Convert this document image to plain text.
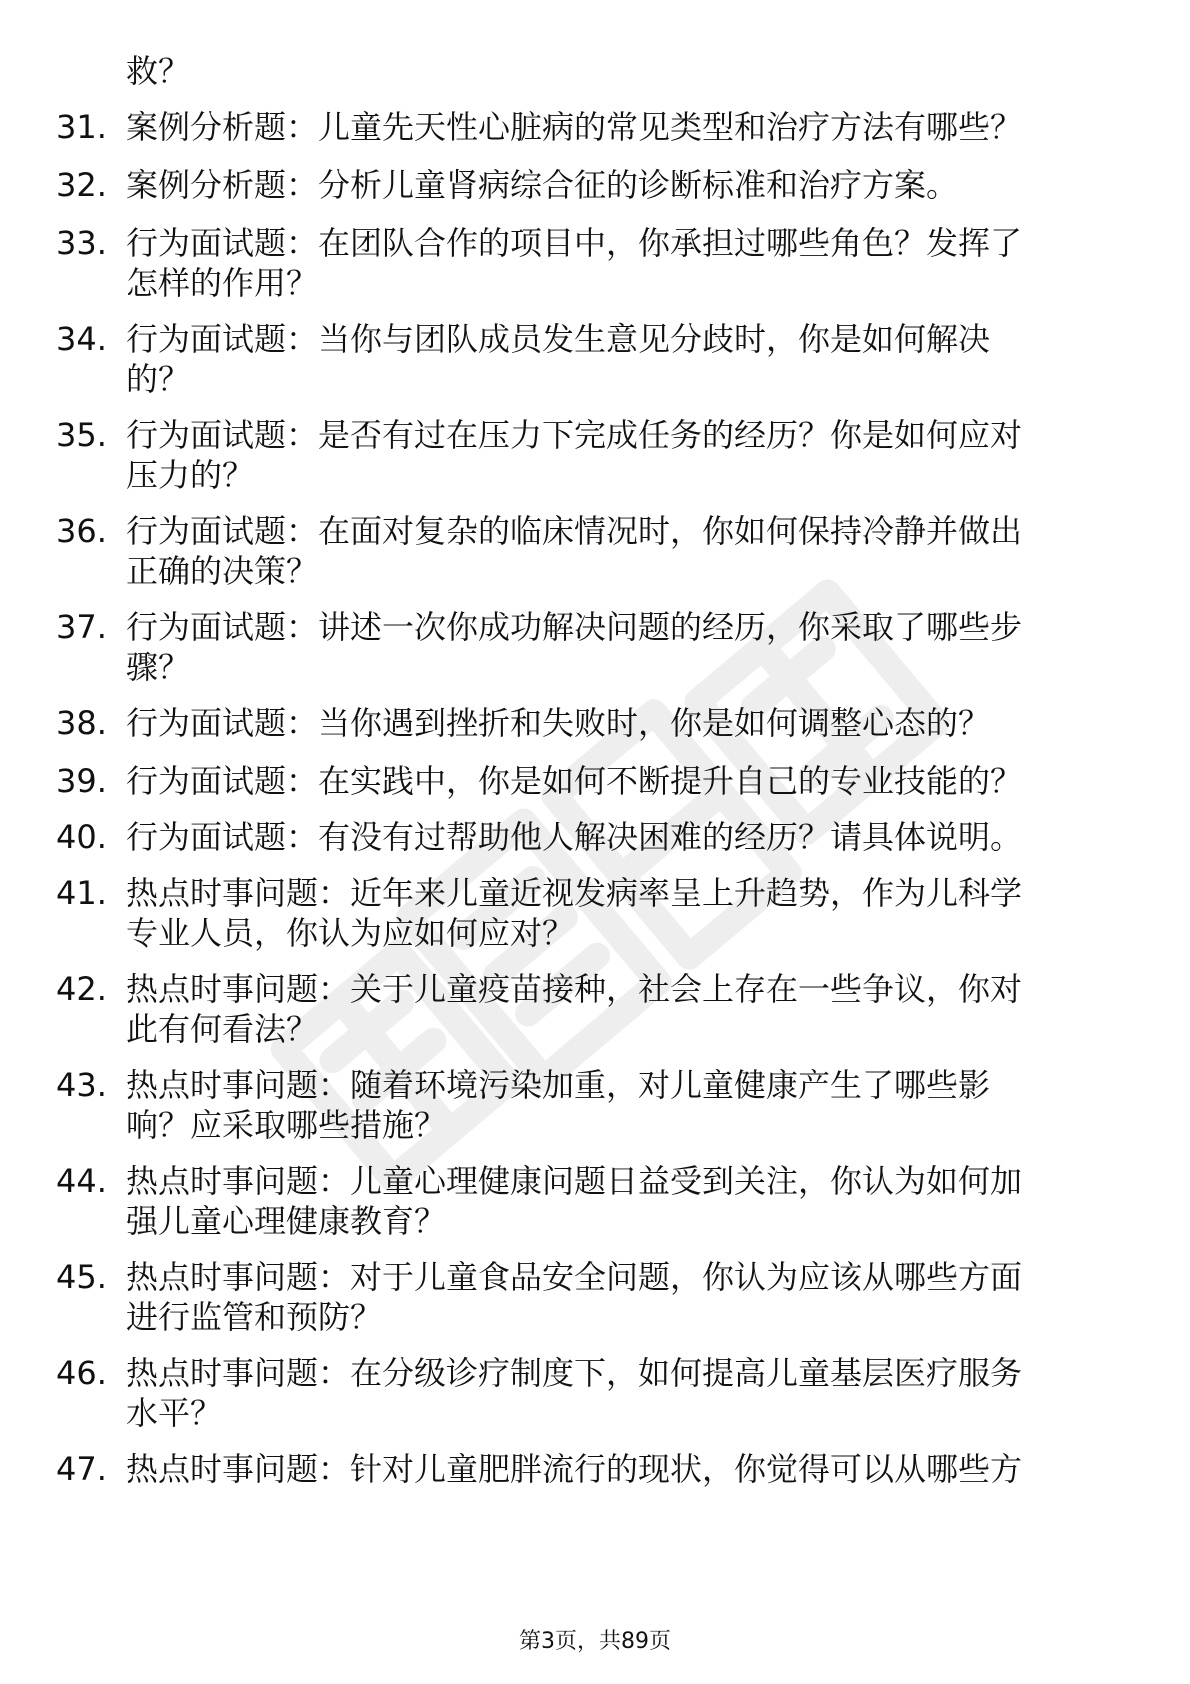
救？
31. 案例分析题：儿童先天性心脏病的常见类型和治疗方法有哪些？
32. 案例分析题：分析儿童肾病综合征的诊断标准和治疗方案。
33. 行为面试题：在团队合作的项目中，你承担过哪些角色？发挥了
怎样的作用？
34. 行为面试题：当你与团队成员发生意见分歧时，你是如何解决
的？
35. 行为面试题：是否有过在压力下完成任务的经历？你是如何应对
压力的？
36. 行为面试题：在面对复杂的临床情况时，你如何保持冷静并做出
正确的决策？
37. 行为面试题：讲述一次你成功解决问题的经历，你采取了哪些步
骤？
38. 行为面试题：当你遇到挫折和失败时，你是如何调整心态的？
39. 行为面试题：在实践中，你是如何不断提升自己的专业技能的？
40. 行为面试题：有没有过帮助他人解决困难的经历？请具体说明。
41. 热点时事问题：近年来儿童近视发病率呈上升趋势，作为儿科学
专业人员，你认为应如何应对？
42. 热点时事问题：关于儿童疫苗接种，社会上存在一些争议，你对
此有何看法？
43. 热点时事问题：随着环境污染加重，对儿童健康产生了哪些影
响？应采取哪些措施？
44. 热点时事问题：儿童心理健康问题日益受到关注，你认为如何加
强儿童心理健康教育？
45. 热点时事问题：对于儿童食品安全问题，你认为应该从哪些方面
进行监管和预防？
46. 热点时事问题：在分级诊疗制度下，如何提高儿童基层医疗服务
水平？
47. 热点时事问题：针对儿童肥胖流行的现状，你觉得可以从哪些方
第3页，共89页
